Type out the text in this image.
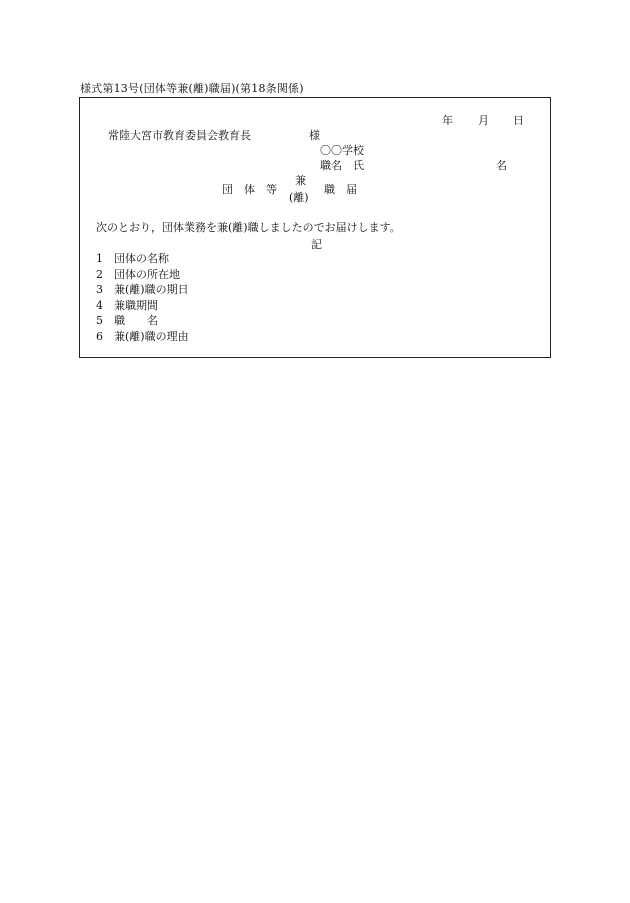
様式第13号(団体等兼(離)職届)(第18条関係)
年 月 日
常陸大宮市教育委員会教育長	様
〇〇学校
職名　氏	名
団体等
兼
(離)
職届
次のとおり，団体業務を兼(離)職しましたのでお届けします。
記
1 団体の名称
2 団体の所在地
3 兼(離)職の期日
4 兼職期間
5 職　　名
6 兼(離)職の理由
